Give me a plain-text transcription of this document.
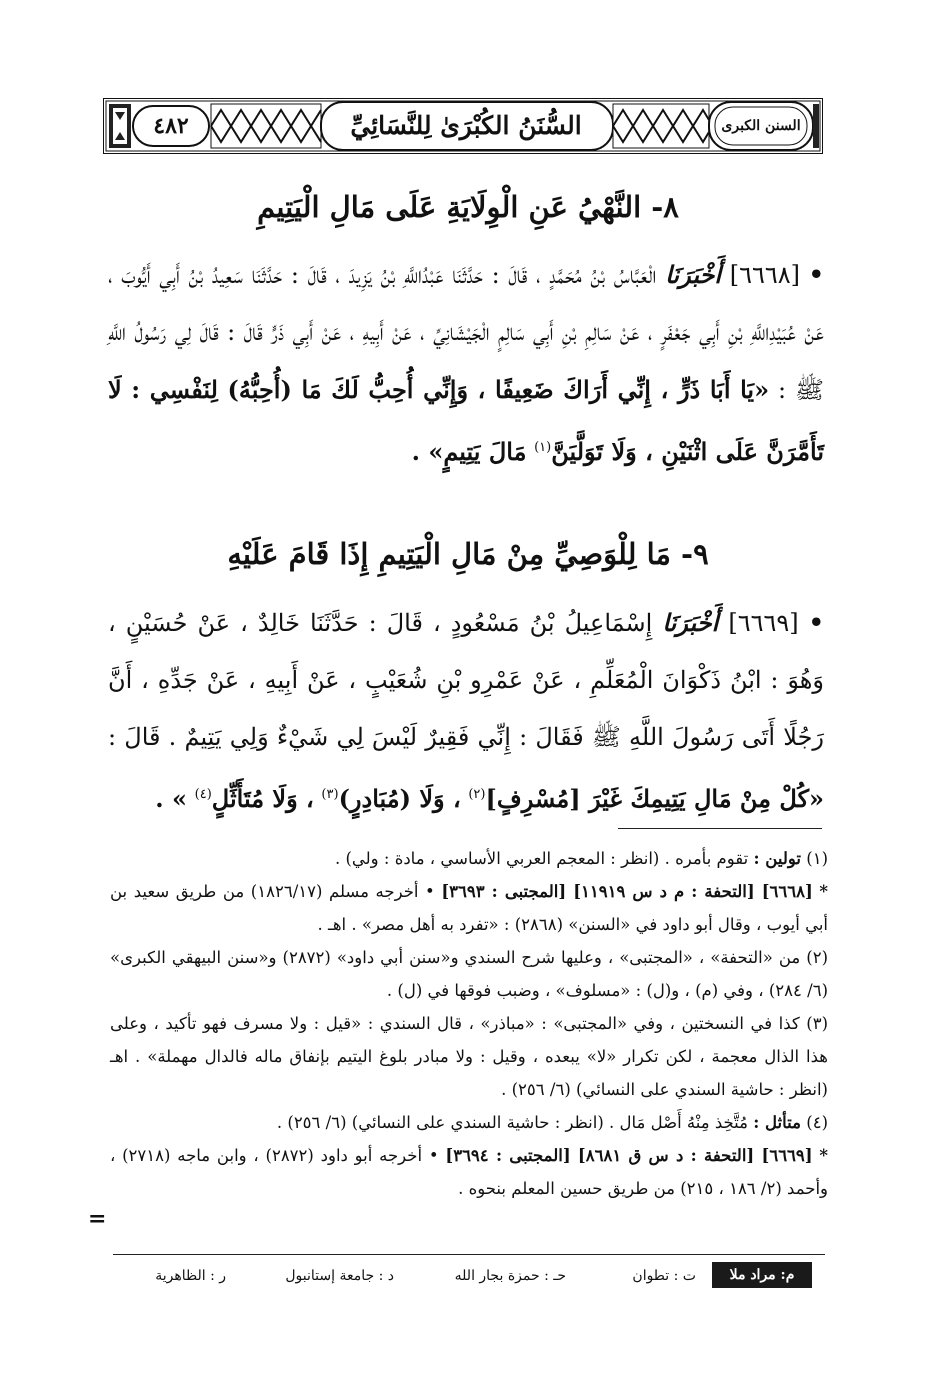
٤٨٢	السُّنَنُ الكُبْرَىٰ لِلنَّسَائِيِّ	السنن الكبرى
٨- النَّهْيُ عَنِ الْوِلَايَةِ عَلَى مَالِ الْيَتِيمِ
• [٦٦٦٨] أَخْبَرَنَا الْعَبَّاسُ بْنُ مُحَمَّدٍ ، قَالَ : حَدَّثَنَا عَبْدُاللَّهِ بْنُ يَزِيدَ ، قَالَ : حَدَّثَنَا سَعِيدُ بْنُ أَبِي أَيُّوبَ ، عَنْ عُبَيْدِاللَّهِ بْنِ أَبِي جَعْفَرٍ ، عَنْ سَالِمِ بْنِ أَبِي سَالِمٍ الْجَيْشَانِيِّ ، عَنْ أَبِيهِ ، عَنْ أَبِي ذَرٍّ قَالَ : قَالَ لِي رَسُولُ اللَّهِ ﷺ : «يَا أَبَا ذَرٍّ ، إِنِّي أَرَاكَ ضَعِيفًا ، وَإِنِّي أُحِبُّ لَكَ مَا (أُحِبُّهُ) لِنَفْسِي : لَا تَأَمَّرَنَّ عَلَى اثْنَيْنِ ، وَلَا تَوَلَّيَنَّ$^{(١)}$ مَالَ يَتِيمٍ» .
٩- مَا لِلْوَصِيِّ مِنْ مَالِ الْيَتِيمِ إِذَا قَامَ عَلَيْهِ
• [٦٦٦٩] أَخْبَرَنَا إِسْمَاعِيلُ بْنُ مَسْعُودٍ ، قَالَ : حَدَّثَنَا خَالِدٌ ، عَنْ حُسَيْنٍ ، وَهُوَ : ابْنُ ذَكْوَانَ الْمُعَلِّمِ ، عَنْ عَمْرِو بْنِ شُعَيْبٍ ، عَنْ أَبِيهِ ، عَنْ جَدِّهِ ، أَنَّ رَجُلًا أَتَى رَسُولَ اللَّهِ ﷺ فَقَالَ : إِنِّي فَقِيرٌ لَيْسَ لِي شَيْءٌ وَلِي يَتِيمٌ . قَالَ : «كُلْ مِنْ مَالِ يَتِيمِكَ غَيْرَ [مُسْرِفٍ]$^{(٢)}$ ، وَلَا (مُبَادِرٍ)$^{(٣)}$ ، وَلَا مُتَأَثِّلٍ$^{(٤)}$ » .

(١) تولين : تقوم بأمره . (انظر : المعجم العربي الأساسي ، مادة : ولي) .

* [٦٦٦٨] [التحفة : م د س ١١٩١٩] [المجتبى : ٣٦٩٣] • أخرجه مسلم (١٨٢٦/١٧) من طريق سعيد بن أبي أيوب ، وقال أبو داود في «السنن» (٢٨٦٨) : «تفرد به أهل مصر» . اهـ .

(٢) من «التحفة» ، «المجتبى» ، وعليها شرح السندي و«سنن أبي داود» (٢٨٧٢) و«سنن البيهقي الكبرى» (٦/ ٢٨٤) ، وفي (م) ، و(ل) : «مسلوف» ، وضبب فوقها في (ل) .

(٣) كذا في النسختين ، وفي «المجتبى» : «مباذر» ، قال السندي : «قيل : ولا مسرف فهو تأكيد ، وعلى هذا الذال معجمة ، لكن تكرار «لا» يبعده ، وقيل : ولا مبادر بلوغ اليتيم بإنفاق ماله فالدال مهملة» . اهـ (انظر : حاشية السندي على النسائي) (٦/ ٢٥٦) .

(٤) متأثل : مُتَّخِذ مِنْهُ أَصْل مَال . (انظر : حاشية السندي على النسائي) (٦/ ٢٥٦) .

* [٦٦٦٩] [التحفة : د س ق ٨٦٨١] [المجتبى : ٣٦٩٤] • أخرجه أبو داود (٢٨٧٢) ، وابن ماجه (٢٧١٨) ، وأحمد (٢/ ١٨٦ ، ٢١٥) من طريق حسين المعلم بنحوه .

=
م: مراد ملا
ت : تطوان
حـ : حمزة بجار الله
د : جامعة إستانبول
ر : الظاهرية
